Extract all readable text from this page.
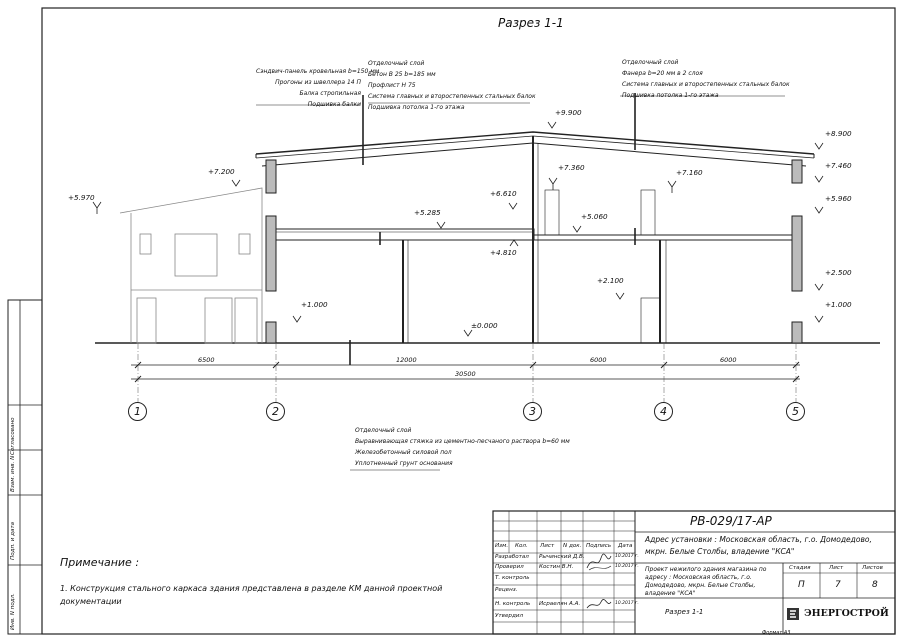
Разрез 1-1
Сэндвич-панель кровельная b=150 мм
Прогоны из швеллера 14 П
Балка стропильная
Подшивка балки
Отделочный слой
Бетон B 25 b=185 мм
Профлист Н 75
Система главных и второстепенных стальных балок
Подшивка потолка 1-го этажа
Отделочный слой
Фанера b=20 мм в 2 слоя
Система главных и второстепенных стальных балок
Подшивка потолка 1-го этажа
Отделочный слой
Выравнивающая стяжка из цементно-песчаного раствора b=60 мм
Железобетонный силовой пол
Уплотненный грунт основания
+9.900
+8.900
+7.460
+7.360
+7.200	+7.160
+6.610
+5.970	+5.960
+5.285	+5.060
+4.810
+2.500
+2.100
+1.000
+1.000
±0.000
6500	12000	6000	6000
30500
1	2	3	4	5
Примечание :
1. Конструкция стального каркаса здания представлена в разделе КМ данной проектной
документации
Согласовано
Взам. инв. N
Подп. и дата
Инв. N подл.
РВ-029/17-АР
Адрес установки : Московская область, г.о. Домодедово, мкрн. Белые Столбы, владение "КСА"
Изм. Кол. Лист N док. Подпись Дата
Разработал Рычинский Д.В.	10.2017 г.
Проверил	Костин В.Н.	10.2017 г.
Т. контроль
Реценз.
Н. контроль Исраелян А.А.	10.2017 г.
Утвердил
Проект нежилого здания магазина по адресу : Московская область, г.о. Домодедово, мкрн. Белые Столбы, владение "КСА"
Разрез 1-1
Стадия	Лист	Листов
П	7	8
ЭНЕРГОСТРОЙ
Формат А3
